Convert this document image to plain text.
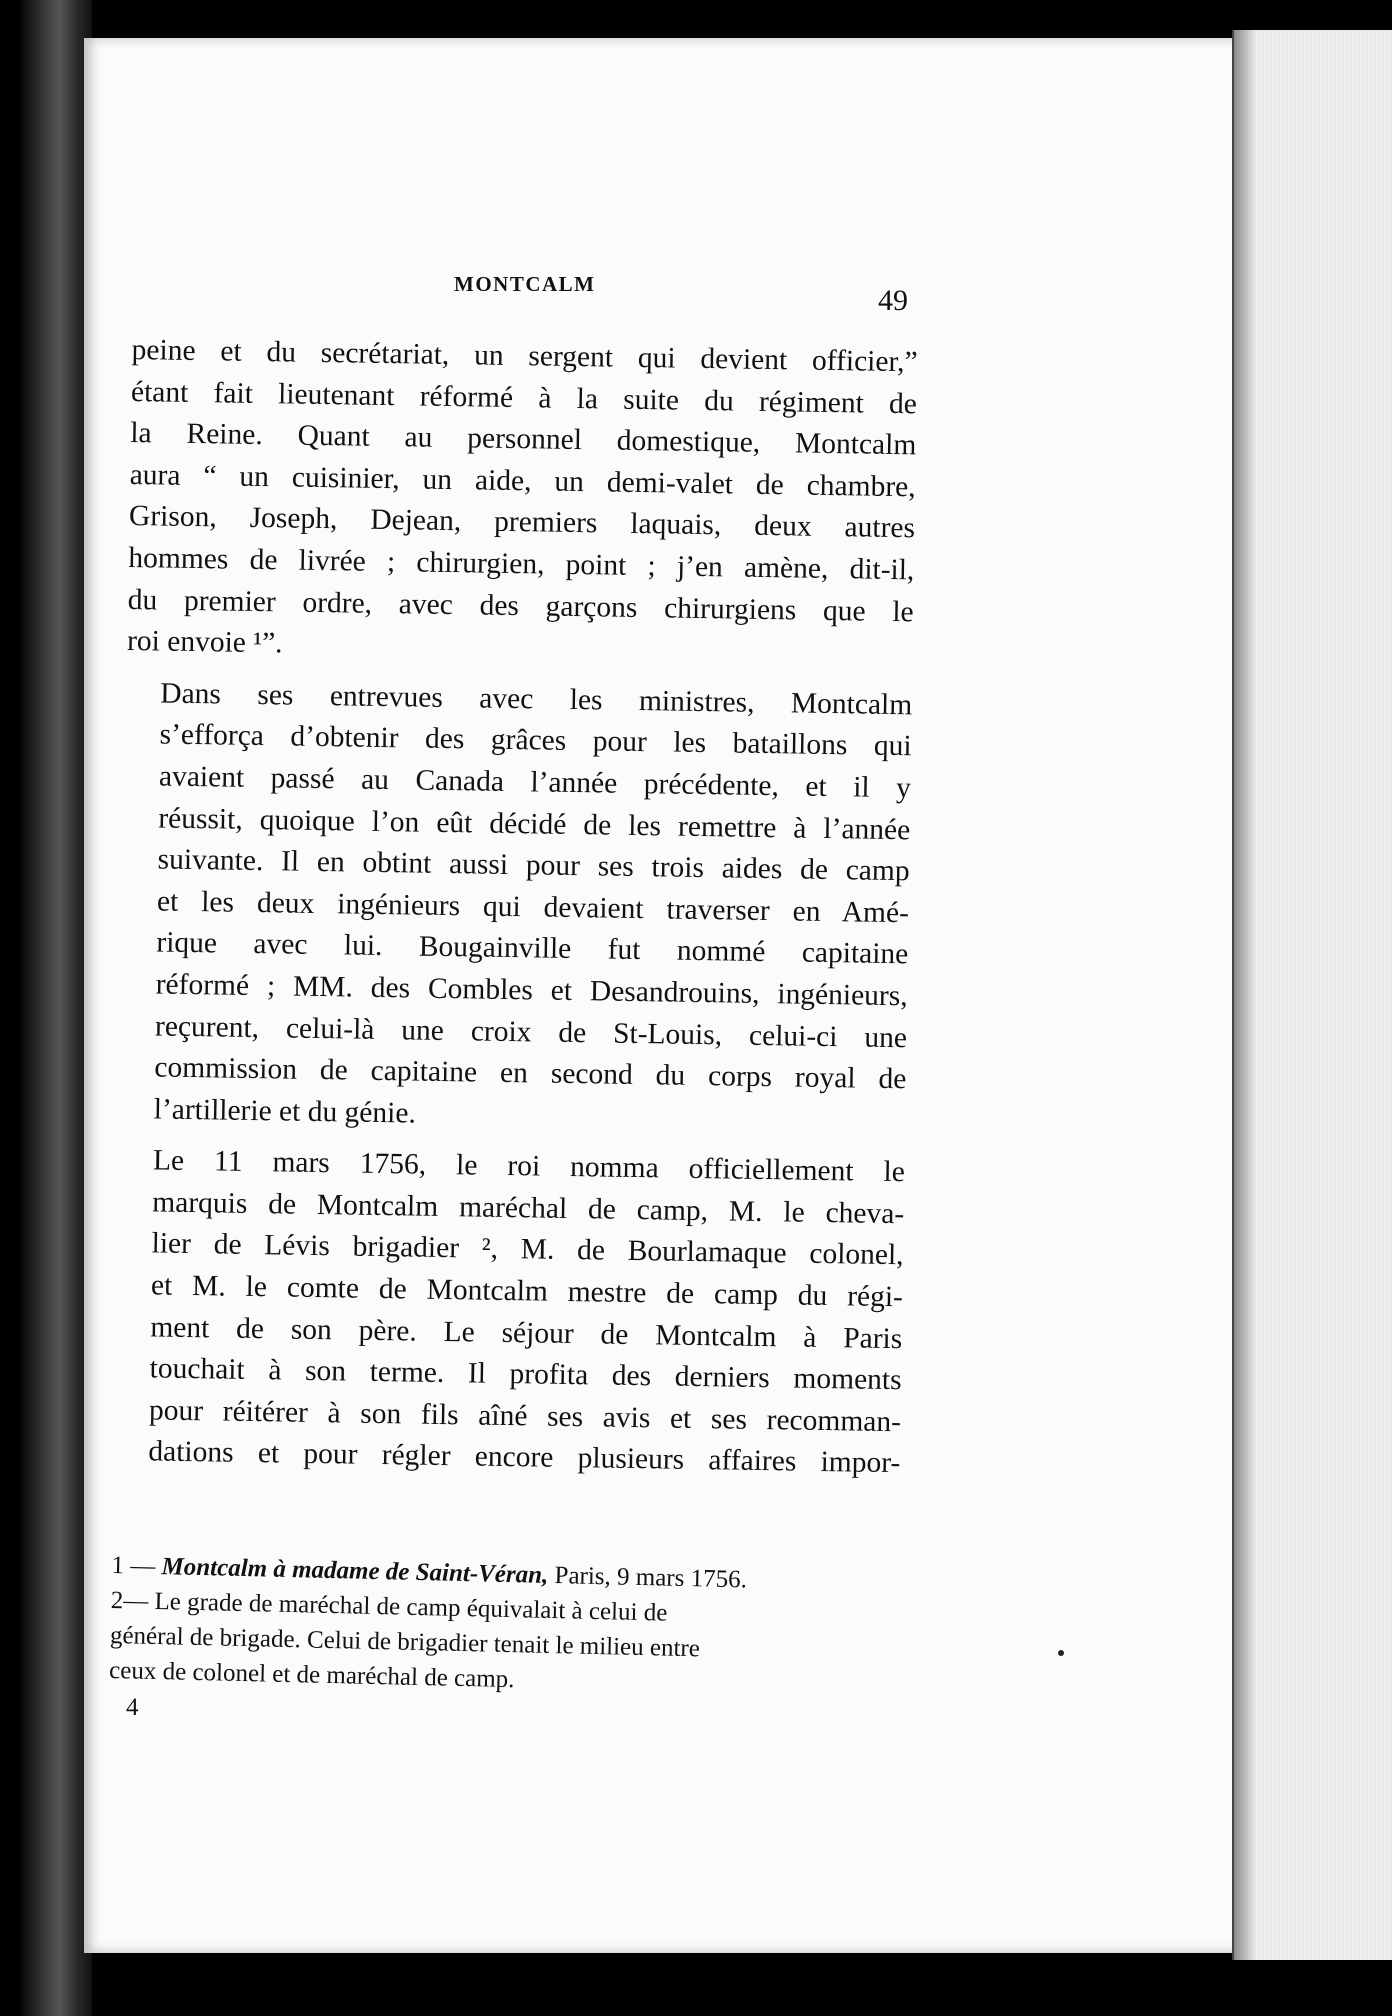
MONTCALM	49

peine et du secrétariat, un sergent qui devient officier,”
étant fait lieutenant réformé à la suite du régiment de
la Reine. Quant au personnel domestique, Montcalm
aura “ un cuisinier, un aide, un demi-valet de chambre,
Grison, Joseph, Dejean, premiers laquais, deux autres
hommes de livrée ; chirurgien, point ; j’en amène, dit-il,
du premier ordre, avec des garçons chirurgiens que le
roi envoie ¹”.

Dans ses entrevues avec les ministres, Montcalm
s’efforça d’obtenir des grâces pour les bataillons qui
avaient passé au Canada l’année précédente, et il y
réussit, quoique l’on eût décidé de les remettre à l’année
suivante. Il en obtint aussi pour ses trois aides de camp
et les deux ingénieurs qui devaient traverser en Amé-
rique avec lui. Bougainville fut nommé capitaine
réformé ; MM. des Combles et Desandrouins, ingénieurs,
reçurent, celui-là une croix de St-Louis, celui-ci une
commission de capitaine en second du corps royal de
l’artillerie et du génie.

Le 11 mars 1756, le roi nomma officiellement le
marquis de Montcalm maréchal de camp, M. le cheva-
lier de Lévis brigadier ², M. de Bourlamaque colonel,
et M. le comte de Montcalm mestre de camp du régi-
ment de son père. Le séjour de Montcalm à Paris
touchait à son terme. Il profita des derniers moments
pour réitérer à son fils aîné ses avis et ses recomman-
dations et pour régler encore plusieurs affaires impor-

1 — Montcalm à madame de Saint-Véran, Paris, 9 mars 1756.
2— Le grade de maréchal de camp équivalait à celui de
général de brigade. Celui de brigadier tenait le milieu entre
ceux de colonel et de maréchal de camp.
4
